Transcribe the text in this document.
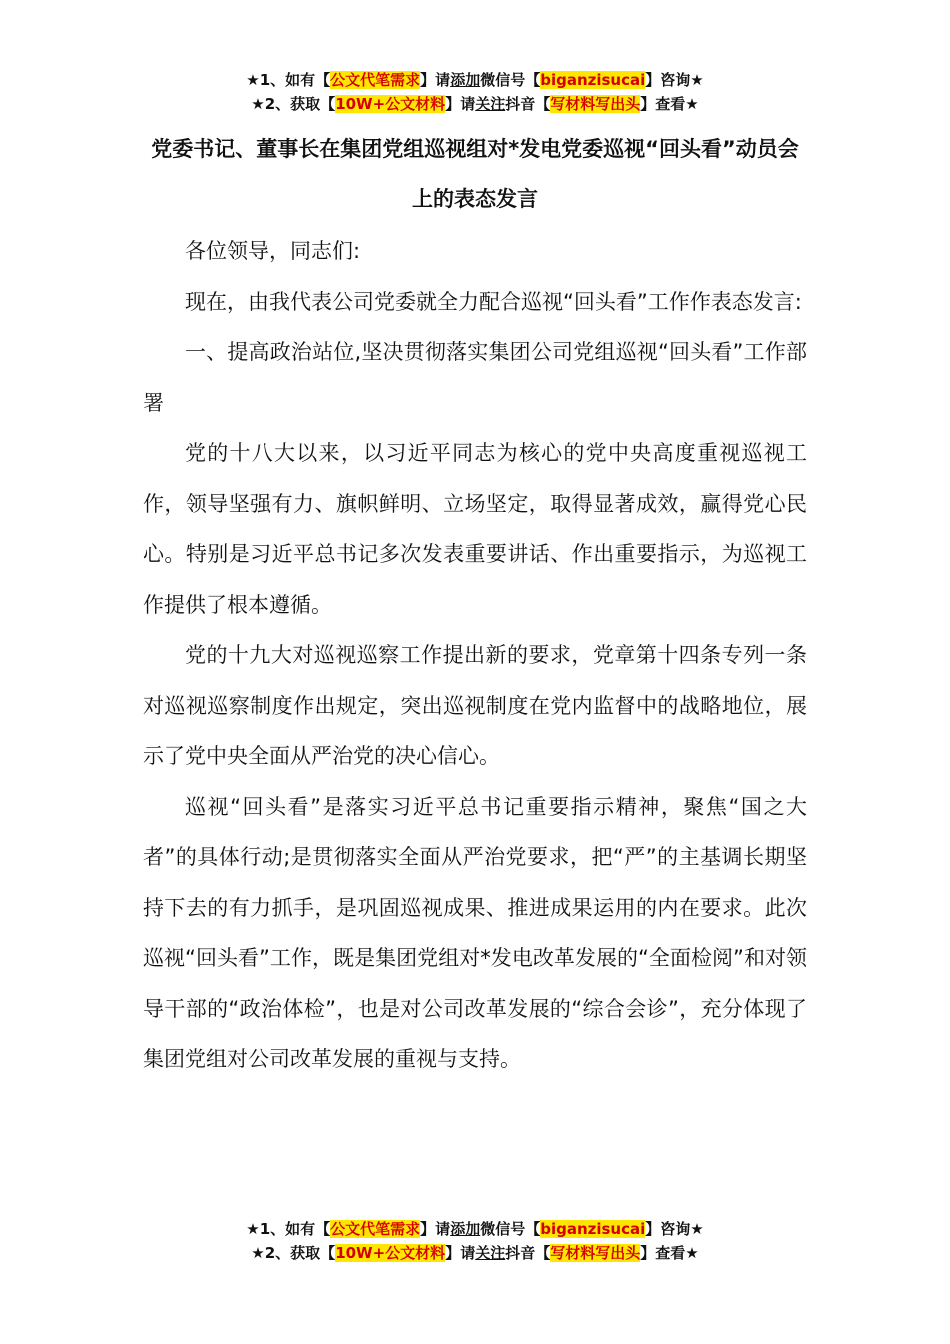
★1、如有【公文代笔需求】请添加微信号【biganzisucai】咨询★
★2、获取【10W+公文材料】请关注抖音【写材料写出头】查看★
党委书记、董事长在集团党组巡视组对*发电党委巡视“回头看”动员会上的表态发言

各位领导，同志们:

现在，由我代表公司党委就全力配合巡视“回头看”工作作表态发言:

一、提高政治站位,坚决贯彻落实集团公司党组巡视“回头看”工作部署

党的十八大以来，以习近平同志为核心的党中央高度重视巡视工作，领导坚强有力、旗帜鲜明、立场坚定，取得显著成效，赢得党心民心。特别是习近平总书记多次发表重要讲话、作出重要指示，为巡视工作提供了根本遵循。

党的十九大对巡视巡察工作提出新的要求，党章第十四条专列一条对巡视巡察制度作出规定，突出巡视制度在党内监督中的战略地位，展示了党中央全面从严治党的决心信心。

巡视“回头看”是落实习近平总书记重要指示精神，聚焦“国之大者”的具体行动;是贯彻落实全面从严治党要求，把“严”的主基调长期坚持下去的有力抓手，是巩固巡视成果、推进成果运用的内在要求。此次巡视“回头看”工作，既是集团党组对*发电改革发展的“全面检阅”和对领导干部的“政治体检”，也是对公司改革发展的“综合会诊”，充分体现了集团党组对公司改革发展的重视与支持。

★1、如有【公文代笔需求】请添加微信号【biganzisucai】咨询★
★2、获取【10W+公文材料】请关注抖音【写材料写出头】查看★
